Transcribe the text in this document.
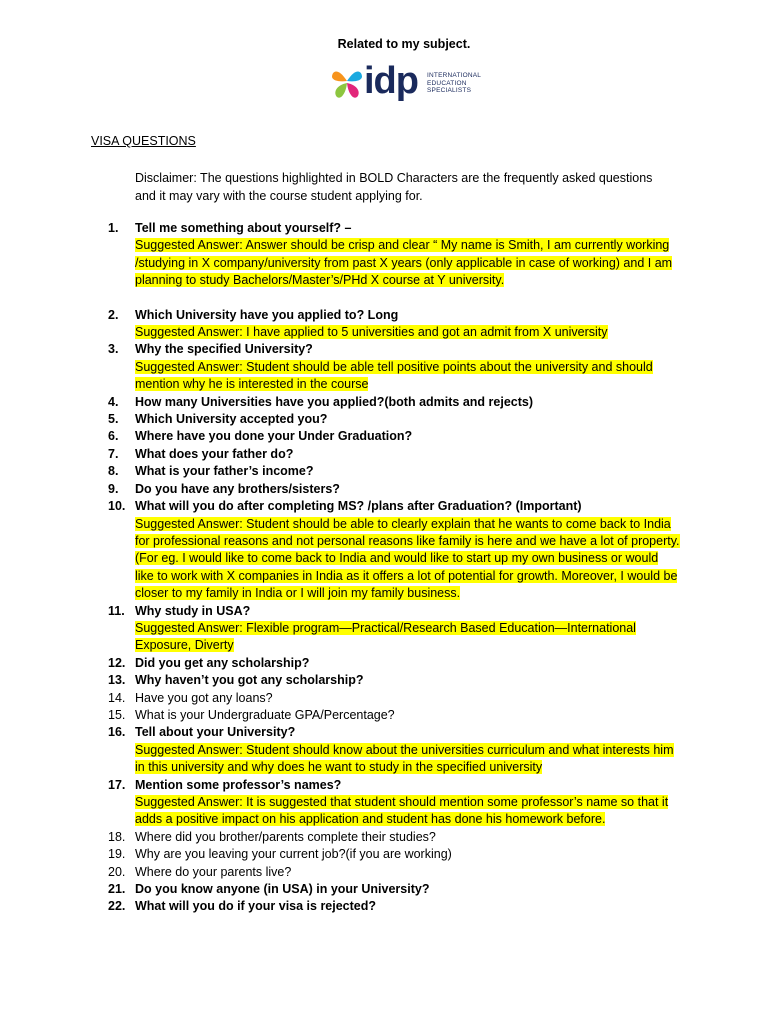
Related to my subject.
idp INTERNATIONAL
EDUCATION
SPECIALISTS
VISA QUESTIONS
Disclaimer: The questions highlighted in BOLD Characters are the frequently asked questions and it may vary with the course student applying for.
1.	Tell me something about yourself? –
Suggested Answer: Answer should be crisp and clear “ My name is Smith, I am currently working /studying in X company/university from past X years (only applicable in case of working) and I am planning to study Bachelors/Master’s/PHd X course at Y university.
2.	Which University have you applied to? Long
Suggested Answer: I have applied to 5 universities and got an admit from X university
3.	Why the specified University?
Suggested Answer: Student should be able tell positive points about the university and should mention why he is interested in the course
4.	How many Universities have you applied?(both admits and rejects)
5.	Which University accepted you?
6.	Where have you done your Under Graduation?
7.	What does your father do?
8.	What is your father’s income?
9.	Do you have any brothers/sisters?
10. What will you do after completing MS? /plans after Graduation? (Important)
Suggested Answer: Student should be able to clearly explain that he wants to come back to India for professional reasons and not personal reasons like family is here and we have a lot of property. (For eg. I would like to come back to India and would like to start up my own business or would like to work with X companies in India as it offers a lot of potential for growth. Moreover, I would be closer to my family in India or I will join my family business.
11. Why study in USA?
Suggested Answer: Flexible program—Practical/Research Based Education—International Exposure, Diverty
12. Did you get any scholarship?
13. Why haven’t you got any scholarship?
14. Have you got any loans?
15. What is your Undergraduate GPA/Percentage?
16. Tell about your University?
Suggested Answer: Student should know about the universities curriculum and what interests him in this university and why does he want to study in the specified university
17. Mention some professor’s names?
Suggested Answer: It is suggested that student should mention some professor’s name so that it adds a positive impact on his application and student has done his homework before.
18. Where did you brother/parents complete their studies?
19. Why are you leaving your current job?(if you are working)
20. Where do your parents live?
21. Do you know anyone (in USA) in your University?
22. What will you do if your visa is rejected?
